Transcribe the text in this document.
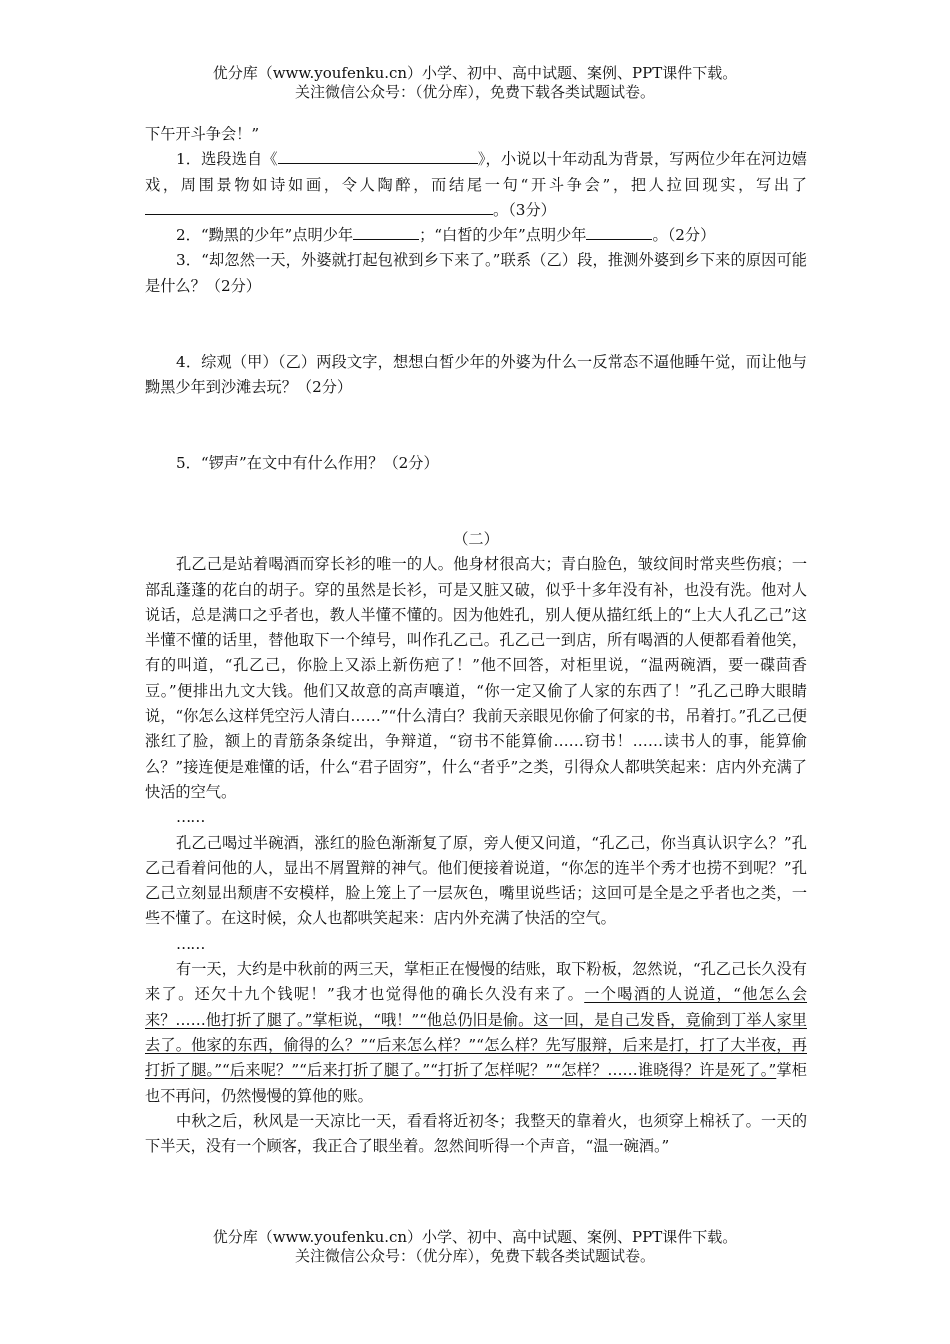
优分库（www.youfenku.cn）小学、初中、高中试题、案例、PPT课件下载。
关注微信公众号：（优分库），免费下载各类试题试卷。

下午开斗争会！”

1．选段选自《	》，小说以十年动乱为背景，写两位少年在河边嬉戏，周围景物如诗如画，令人陶醉，而结尾一句“开斗争会”，把人拉回现实，写出了。（3分）

2．“黝黑的少年”点明少年	；“白皙的少年”点明少年	。（2分）

3．“却忽然一天，外婆就打起包袱到乡下来了。”联系（乙）段，推测外婆到乡下来的原因可能是什么？（2分）

4．综观（甲）（乙）两段文字，想想白皙少年的外婆为什么一反常态不逼他睡午觉，而让他与黝黑少年到沙滩去玩？（2分）

5．“锣声”在文中有什么作用？（2分）

（二）

孔乙己是站着喝酒而穿长衫的唯一的人。他身材很高大；青白脸色，皱纹间时常夹些伤痕；一部乱蓬蓬的花白的胡子。穿的虽然是长衫，可是又脏又破，似乎十多年没有补，也没有洗。他对人说话，总是满口之乎者也，教人半懂不懂的。因为他姓孔，别人便从描红纸上的“上大人孔乙己”这半懂不懂的话里，替他取下一个绰号，叫作孔乙己。孔乙己一到店，所有喝酒的人便都看着他笑，有的叫道，“孔乙己，你脸上又添上新伤疤了！”他不回答，对柜里说，“温两碗酒，要一碟茴香豆。”便排出九文大钱。他们又故意的高声嚷道，“你一定又偷了人家的东西了！”孔乙己睁大眼睛说，“你怎么这样凭空污人清白……”“什么清白？我前天亲眼见你偷了何家的书，吊着打。”孔乙己便涨红了脸，额上的青筋条条绽出，争辩道，“窃书不能算偷……窃书！……读书人的事，能算偷么？”接连便是难懂的话，什么“君子固穷”，什么“者乎”之类，引得众人都哄笑起来：店内外充满了快活的空气。

……

孔乙己喝过半碗酒，涨红的脸色渐渐复了原，旁人便又问道，“孔乙己，你当真认识字么？”孔乙己看着问他的人，显出不屑置辩的神气。他们便接着说道，“你怎的连半个秀才也捞不到呢？”孔乙己立刻显出颓唐不安模样，脸上笼上了一层灰色，嘴里说些话；这回可是全是之乎者也之类，一些不懂了。在这时候，众人也都哄笑起来：店内外充满了快活的空气。

……

有一天，大约是中秋前的两三天，掌柜正在慢慢的结账，取下粉板，忽然说，“孔乙己长久没有来了。还欠十九个钱呢！”我才也觉得他的确长久没有来了。一个喝酒的人说道，“他怎么会来？……他打折了腿了。”掌柜说，“哦！”“他总仍旧是偷。这一回，是自己发昏，竟偷到丁举人家里去了。他家的东西，偷得的么？”“后来怎么样？”“怎么样？先写服辩，后来是打，打了大半夜，再打折了腿。”“后来呢？”“后来打折了腿了。”“打折了怎样呢？”“怎样？……谁晓得？许是死了。”掌柜也不再问，仍然慢慢的算他的账。

中秋之后，秋风是一天凉比一天，看看将近初冬；我整天的靠着火，也须穿上棉袄了。一天的下半天，没有一个顾客，我正合了眼坐着。忽然间听得一个声音，“温一碗酒。”

优分库（www.youfenku.cn）小学、初中、高中试题、案例、PPT课件下载。
关注微信公众号：（优分库），免费下载各类试题试卷。
